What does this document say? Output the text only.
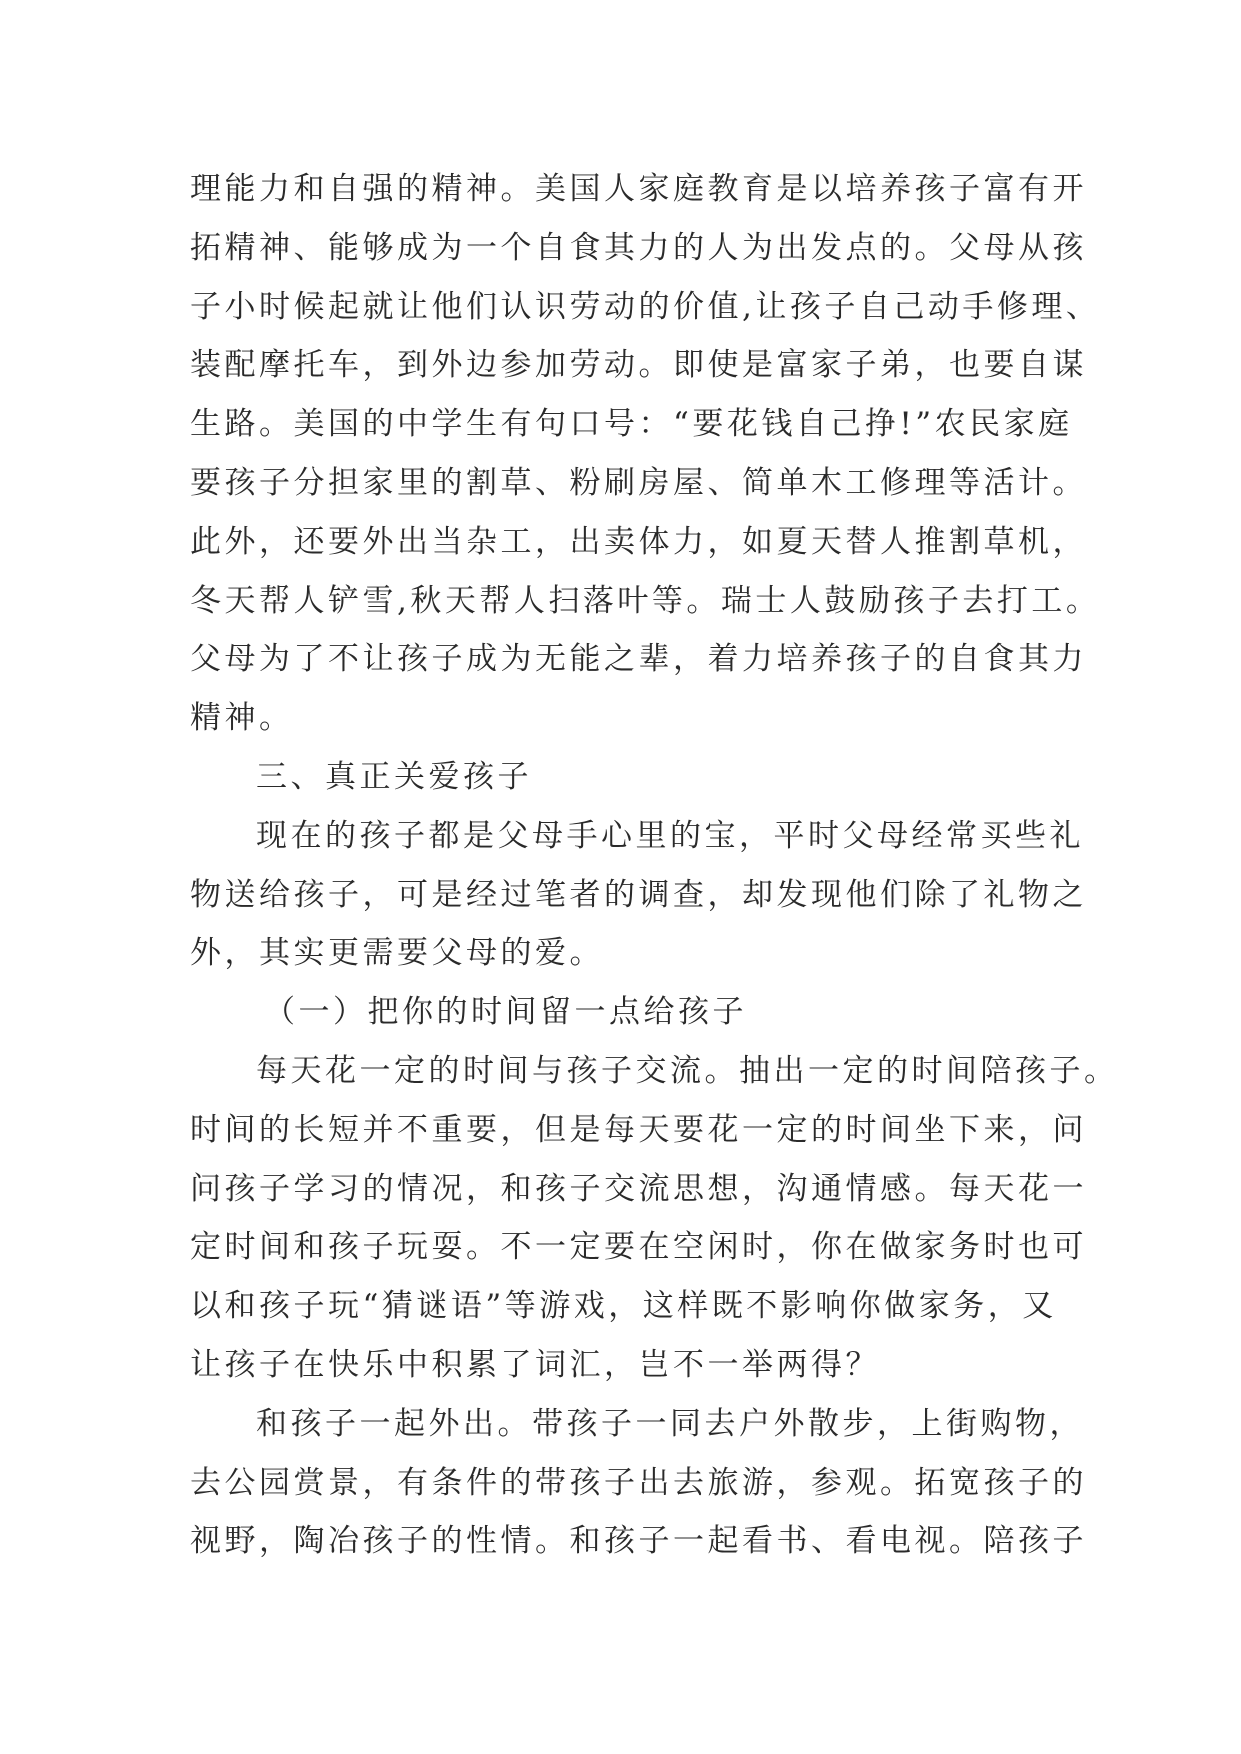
理能力和自强的精神。美国人家庭教育是以培养孩子富有开
拓精神、能够成为一个自食其力的人为出发点的。父母从孩
子小时候起就让他们认识劳动的价值,让孩子自己动手修理、
装配摩托车，到外边参加劳动。即使是富家子弟，也要自谋
生路。美国的中学生有句口号：“要花钱自己挣!”农民家庭
要孩子分担家里的割草、粉刷房屋、简单木工修理等活计。
此外，还要外出当杂工，出卖体力，如夏天替人推割草机，
冬天帮人铲雪,秋天帮人扫落叶等。瑞士人鼓励孩子去打工。
父母为了不让孩子成为无能之辈，着力培养孩子的自食其力
精神。
三、真正关爱孩子
现在的孩子都是父母手心里的宝，平时父母经常买些礼
物送给孩子，可是经过笔者的调查，却发现他们除了礼物之
外，其实更需要父母的爱。
（一）把你的时间留一点给孩子
每天花一定的时间与孩子交流。抽出一定的时间陪孩子。
时间的长短并不重要，但是每天要花一定的时间坐下来，问
问孩子学习的情况，和孩子交流思想，沟通情感。每天花一
定时间和孩子玩耍。不一定要在空闲时，你在做家务时也可
以和孩子玩“猜谜语”等游戏，这样既不影响你做家务，又
让孩子在快乐中积累了词汇，岂不一举两得？
和孩子一起外出。带孩子一同去户外散步，上街购物，
去公园赏景，有条件的带孩子出去旅游，参观。拓宽孩子的
视野，陶冶孩子的性情。和孩子一起看书、看电视。陪孩子
